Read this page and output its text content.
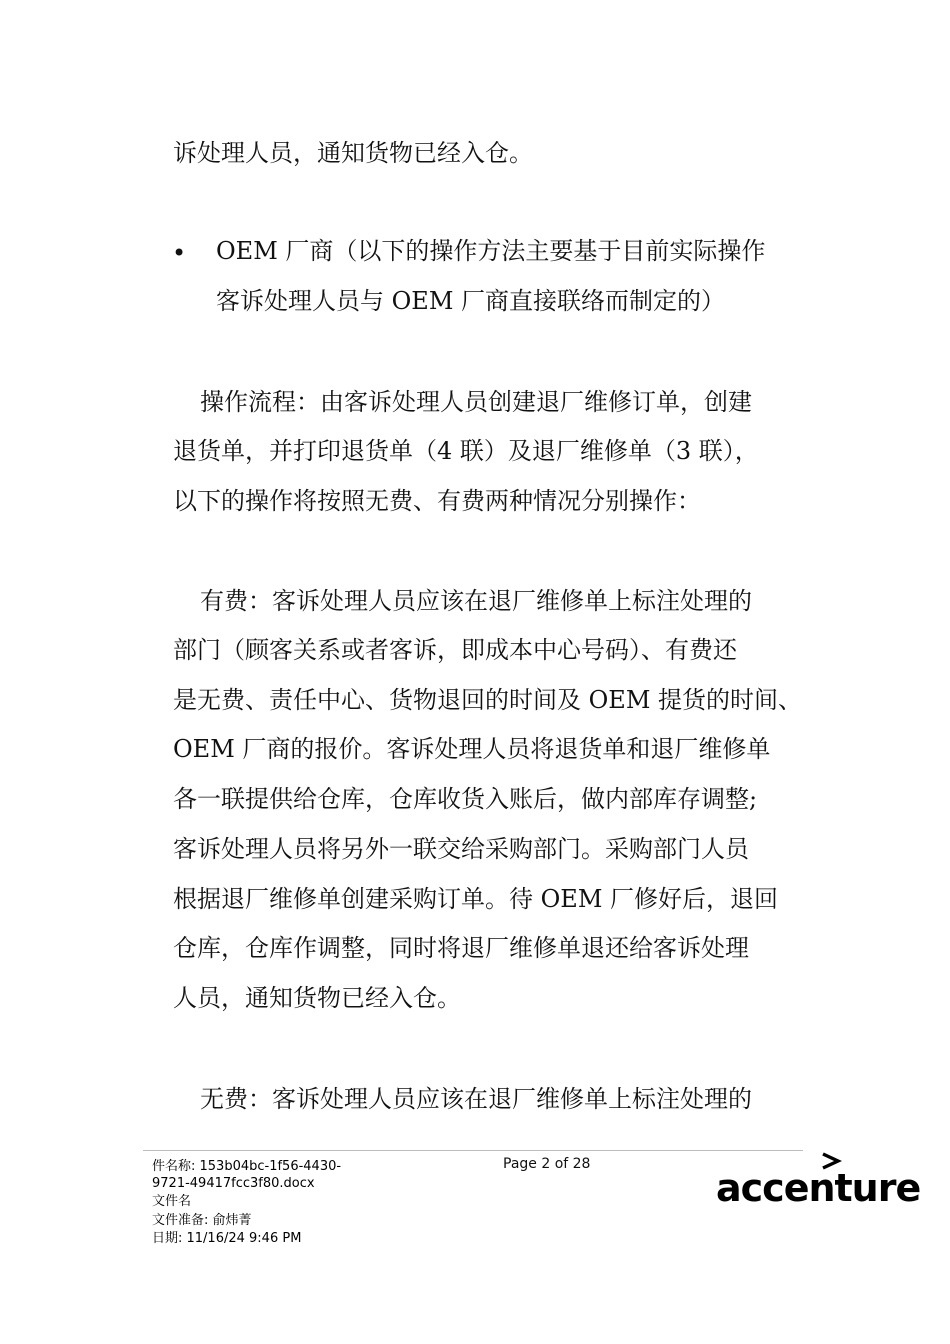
诉处理人员，通知货物已经入仓。
• OEM 厂商（以下的操作方法主要基于目前实际操作
客诉处理人员与 OEM 厂商直接联络而制定的）
操作流程：由客诉处理人员创建退厂维修订单，创建
退货单，并打印退货单（4 联）及退厂维修单（3 联），
以下的操作将按照无费、有费两种情况分别操作：
有费：客诉处理人员应该在退厂维修单上标注处理的
部门（顾客关系或者客诉，即成本中心号码）、有费还
是无费、责任中心、货物退回的时间及 OEM 提货的时间、
OEM 厂商的报价。客诉处理人员将退货单和退厂维修单
各一联提供给仓库，仓库收货入账后，做内部库存调整;
客诉处理人员将另外一联交给采购部门。采购部门人员
根据退厂维修单创建采购订单。待 OEM 厂修好后，退回
仓库，仓库作调整，同时将退厂维修单退还给客诉处理
人员，通知货物已经入仓。
无费：客诉处理人员应该在退厂维修单上标注处理的
件名称: 153b04bc-1f56-4430-
9721-49417fcc3f80.docx
文件名
文件准备: 俞炜菁
日期: 11/16/24 9:46 PM
Page 2 of 28
accenture
